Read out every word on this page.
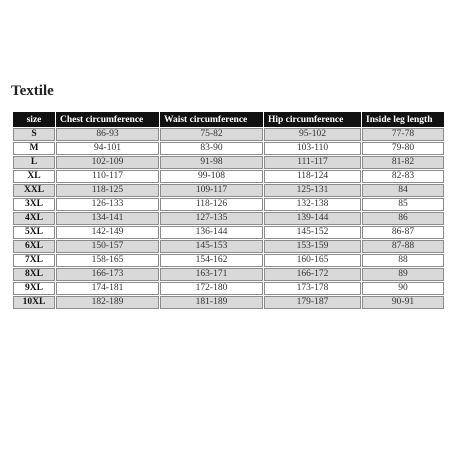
Textile
size	Chest circumference	Waist circumference	Hip circumference	Inside leg length
S	86-93	75-82	95-102	77-78
M	94-101	83-90	103-110	79-80
L	102-109	91-98	111-117	81-82
XL	110-117	99-108	118-124	82-83
XXL	118-125	109-117	125-131	84
3XL	126-133	118-126	132-138	85
4XL	134-141	127-135	139-144	86
5XL	142-149	136-144	145-152	86-87
6XL	150-157	145-153	153-159	87-88
7XL	158-165	154-162	160-165	88
8XL	166-173	163-171	166-172	89
9XL	174-181	172-180	173-178	90
10XL	182-189	181-189	179-187	90-91
